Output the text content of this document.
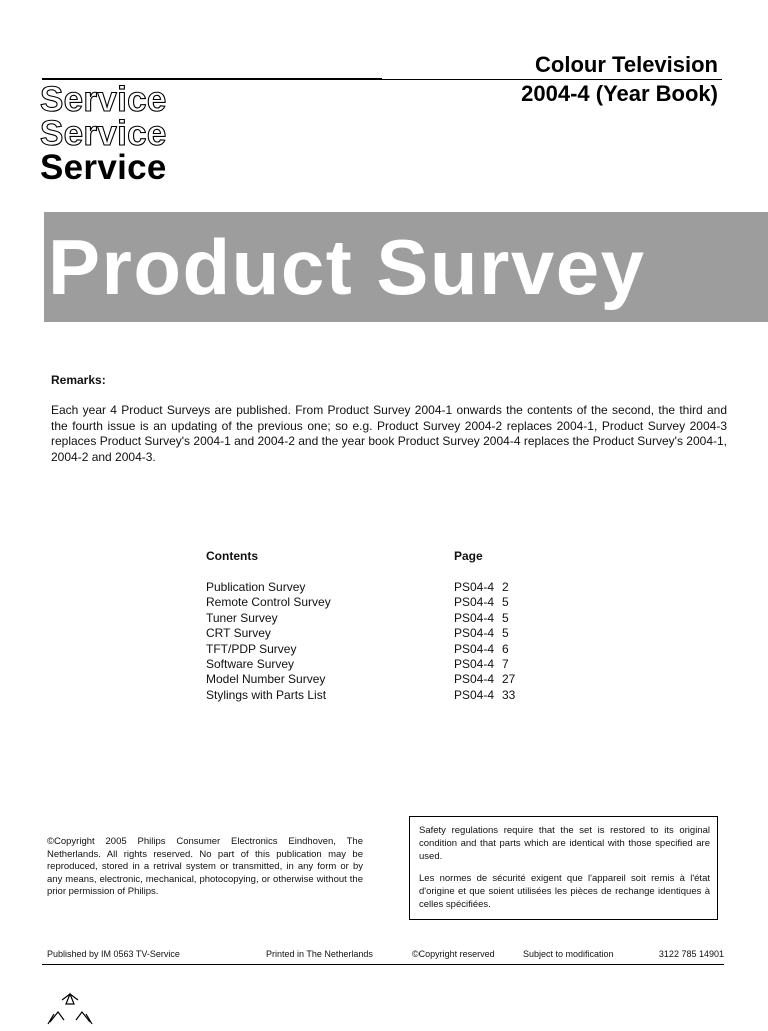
Colour Television
2004-4 (Year Book)
Service
Service
Service
Product Survey
Remarks:
Each year 4 Product Surveys are published. From Product Survey 2004-1 onwards the contents of the second, the third and the fourth issue is an updating of the previous one; so e.g. Product Survey 2004-2 replaces 2004-1, Product Survey 2004-3 replaces Product Survey's 2004-1 and 2004-2 and the year book Product Survey 2004-4 replaces the Product Survey's 2004-1, 2004-2 and 2004-3.
Contents	Page
Publication Survey	PS04-4 2
Remote Control Survey	PS04-4 5
Tuner Survey	PS04-4 5
CRT Survey	PS04-4 5
TFT/PDP Survey	PS04-4 6
Software Survey	PS04-4 7
Model Number Survey	PS04-4 27
Stylings with Parts List	PS04-4 33
©Copyright 2005 Philips Consumer Electronics Eindhoven, The Netherlands. All rights reserved. No part of this publication may be reproduced, stored in a retrival system or transmitted, in any form or by any means, electronic, mechanical, photocopying, or otherwise without the prior permission of Philips.

Safety regulations require that the set is restored to its original condition and that parts which are identical with those specified are used.

Les normes de sécurité exigent que l'appareil soit remis à l'état d'origine et que soient utilisées les pièces de rechange identiques à celles spécifiées.

Published by IM 0563 TV-Service	Printed in The Netherlands	©Copyright reserved	Subject to modification	3122 785 14901
